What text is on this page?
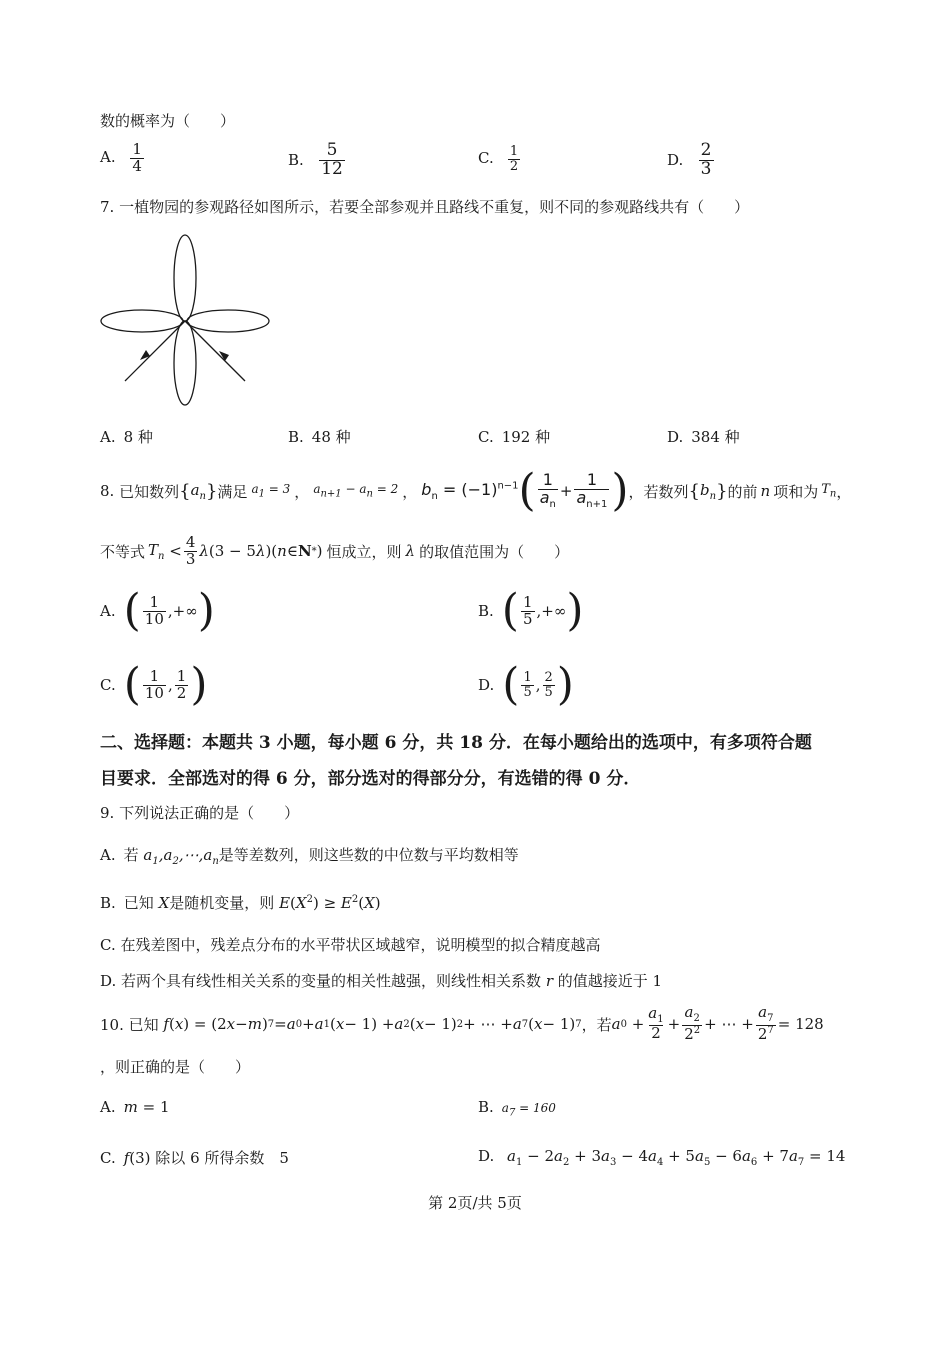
数的概率为（　　）
A. $\frac{1}{4}$	B. $\frac{5}{12}$	C. $\frac{1}{2}$	D. $\frac{2}{3}$
7. 一植物园的参观路径如图所示，若要全部参观并且路线不重复，则不同的参观路线共有（　　）
A. 8 种	B. 48 种	C. 192 种	D. 384 种
8.
已知数列 { $a_n$ } 满足 $a_1 = 3$ ， $a_{n+1} - a_n = 2$ ， $b_n = (-1)^{n-1}$ ( $\frac{1}{a_n} + \frac{1}{a_{n+1}}$ ) ，若数列 { $b_n$ } 的前 n 项和为 $T_n$ ，
不等式 $T_n < \frac{4}{3}$ λ (3 − 5 λ )( n ∈ N * ) 恒成立，则 λ 的取值范围为（　　）
A. ( $\frac{1}{10}$ ,+∞ )	B. ( $\frac{1}{5}$ ,+∞ )
C. ( $\frac{1}{10}$ , $\frac{1}{2}$ )	D. ( $\frac{1}{5}$ , $\frac{2}{5}$ )
二、选择题：本题共 3 小题，每小题 6 分，共 18 分．在每小题给出的选项中，有多项符合题
目要求．全部选对的得 6 分，部分选对的得部分分，有选错的得 0 分．
9. 下列说法正确的是（　　）
A. 若 $a_1,a_2,\cdots,a_n$是等差数列，则这些数的中位数与平均数相等
B. 已知 X是随机变量，则 $E(X^2) \ge E^2(X)$
C. 在残差图中，残差点分布的水平带状区域越窄，说明模型的拟合精度越高
D. 若两个具有线性相关关系的变量的相关性越强，则线性相关系数 r 的值越接近于 1
10. 已知
f ( x ) = (2 x − m ) 7 = a 0 + a 1 ( x − 1) + a 2 ( x − 1) 2 + ⋯ + a 7 ( x − 1) 7 ，若 a $0 + \frac{a_1}{2} + \frac{a_2}{2^2}$ + ⋯ + $\frac{a_7}{2^7} = 128$
，则正确的是（　　）
A. m = 1	B. $a_7 = 160$
C. f(3) 除以 6 所得余数　5	D. $a_1 - 2a_2 + 3a_3 - 4a_4 + 5a_5 - 6a_6 + 7a_7 = 14$
第 2页/共 5页
